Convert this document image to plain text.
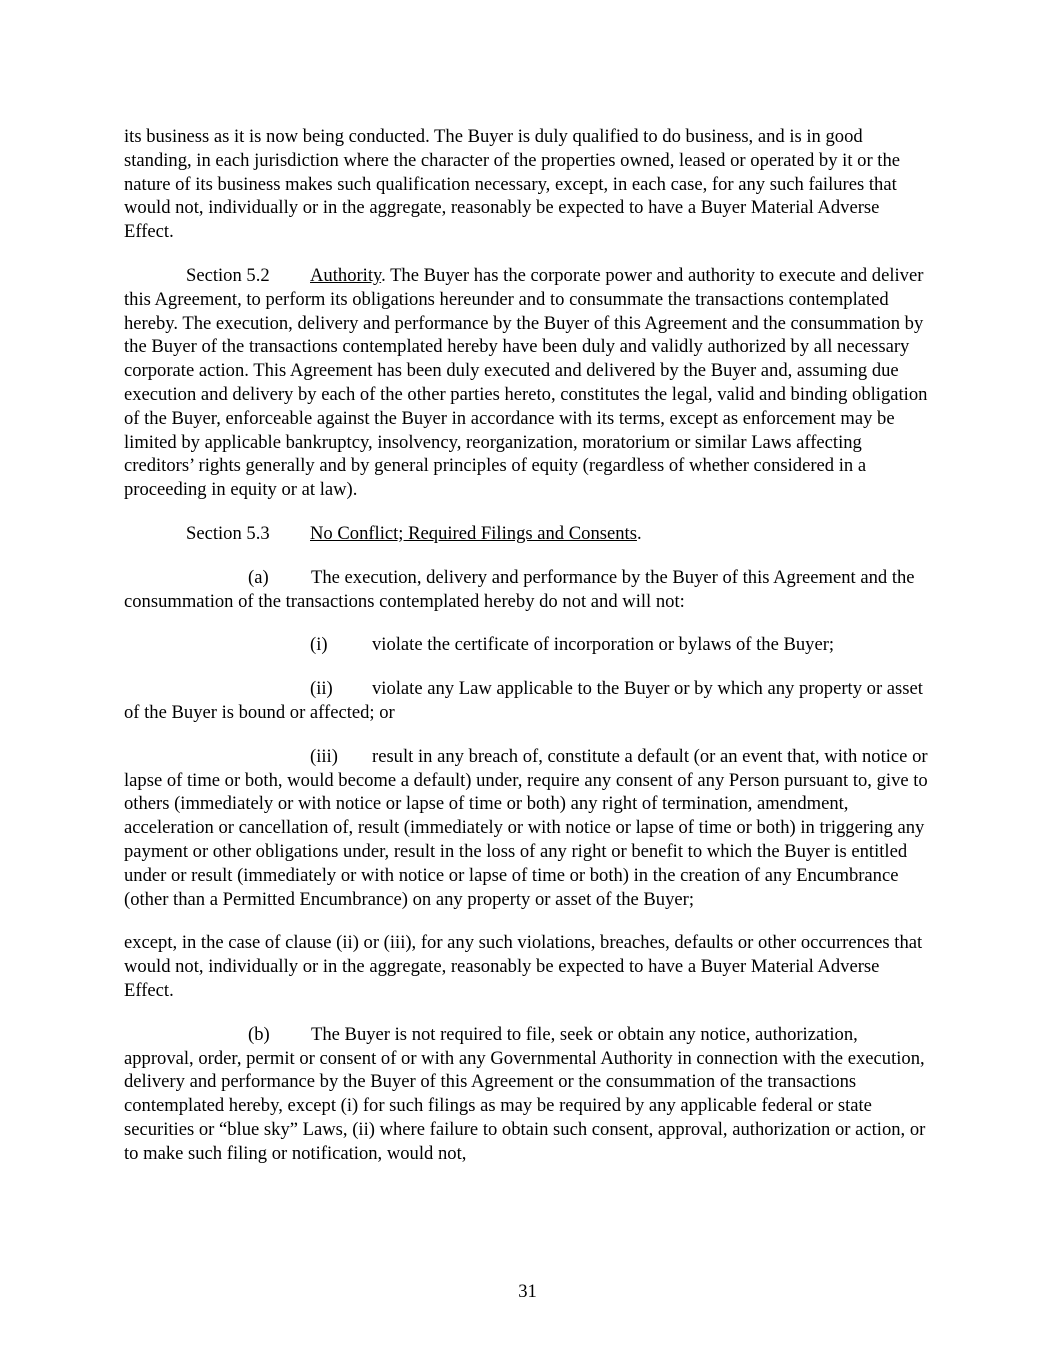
its business as it is now being conducted. The Buyer is duly qualified to do business, and is in good standing, in each jurisdiction where the character of the properties owned, leased or operated by it or the nature of its business makes such qualification necessary, except, in each case, for any such failures that would not, individually or in the aggregate, reasonably be expected to have a Buyer Material Adverse Effect.

Section 5.2 Authority. The Buyer has the corporate power and authority to execute and deliver this Agreement, to perform its obligations hereunder and to consummate the transactions contemplated hereby. The execution, delivery and performance by the Buyer of this Agreement and the consummation by the Buyer of the transactions contemplated hereby have been duly and validly authorized by all necessary corporate action. This Agreement has been duly executed and delivered by the Buyer and, assuming due execution and delivery by each of the other parties hereto, constitutes the legal, valid and binding obligation of the Buyer, enforceable against the Buyer in accordance with its terms, except as enforcement may be limited by applicable bankruptcy, insolvency, reorganization, moratorium or similar Laws affecting creditors’ rights generally and by general principles of equity (regardless of whether considered in a proceeding in equity or at law).

Section 5.3 No Conflict; Required Filings and Consents.

(a) The execution, delivery and performance by the Buyer of this Agreement and the consummation of the transactions contemplated hereby do not and will not:

(i) violate the certificate of incorporation or bylaws of the Buyer;

(ii) violate any Law applicable to the Buyer or by which any property or asset of the Buyer is bound or affected; or

(iii) result in any breach of, constitute a default (or an event that, with notice or lapse of time or both, would become a default) under, require any consent of any Person pursuant to, give to others (immediately or with notice or lapse of time or both) any right of termination, amendment, acceleration or cancellation of, result (immediately or with notice or lapse of time or both) in triggering any payment or other obligations under, result in the loss of any right or benefit to which the Buyer is entitled under or result (immediately or with notice or lapse of time or both) in the creation of any Encumbrance (other than a Permitted Encumbrance) on any property or asset of the Buyer;

except, in the case of clause (ii) or (iii), for any such violations, breaches, defaults or other occurrences that would not, individually or in the aggregate, reasonably be expected to have a Buyer Material Adverse Effect.

(b) The Buyer is not required to file, seek or obtain any notice, authorization, approval, order, permit or consent of or with any Governmental Authority in connection with the execution, delivery and performance by the Buyer of this Agreement or the consummation of the transactions contemplated hereby, except (i) for such filings as may be required by any applicable federal or state securities or “blue sky” Laws, (ii) where failure to obtain such consent, approval, authorization or action, or to make such filing or notification, would not,

31
